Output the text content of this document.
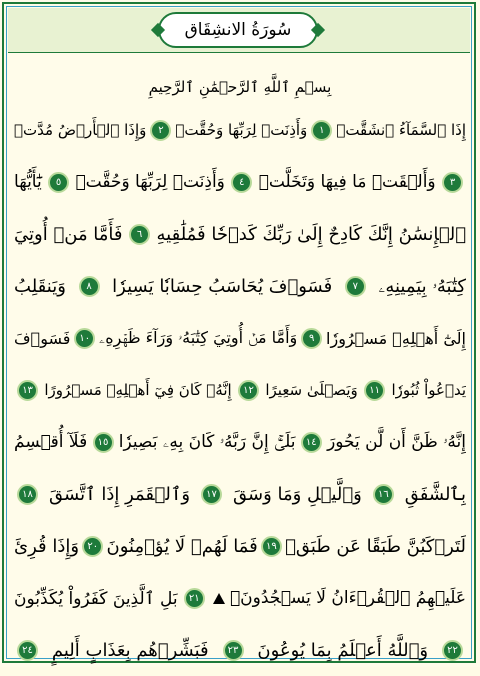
سُورَةُ الانشِقَاق
بِسۡمِ ٱللَّهِ ٱلرَّحۡمَٰنِ ٱلرَّحِيمِ
إِذَا ٱلسَّمَآءُ ٱنشَقَّتۡ
١
وَأَذِنَتۡ لِرَبِّهَا وَحُقَّتۡ
٢
وَإِذَا ٱلۡأَرۡضُ مُدَّتۡ
٣
وَأَلۡقَتۡ مَا فِيهَا وَتَخَلَّتۡ
٤
وَأَذِنَتۡ لِرَبِّهَا وَحُقَّتۡ
٥
يَٰٓأَيُّهَا
ٱلۡإِنسَٰنُ إِنَّكَ كَادِحٌ إِلَىٰ رَبِّكَ كَدۡحٗا فَمُلَٰقِيهِ
٦
فَأَمَّا مَنۡ أُوتِيَ
كِتَٰبَهُۥ بِيَمِينِهِۦ
٧
فَسَوۡفَ يُحَاسَبُ حِسَابٗا يَسِيرٗا
٨
وَيَنقَلِبُ
إِلَىٰٓ أَهۡلِهِۦ مَسۡرُورٗا
٩
وَأَمَّا مَنۡ أُوتِيَ كِتَٰبَهُۥ وَرَآءَ ظَهۡرِهِۦ
١٠
فَسَوۡفَ
يَدۡعُواْ ثُبُورٗا
١١
وَيَصۡلَىٰ سَعِيرًا
١٢
إِنَّهُۥ كَانَ فِيٓ أَهۡلِهِۦ مَسۡرُورًا
١٣
إِنَّهُۥ ظَنَّ أَن لَّن يَحُورَ
١٤
بَلَىٰٓۚ إِنَّ رَبَّهُۥ كَانَ بِهِۦ بَصِيرٗا
١٥
فَلَآ أُقۡسِمُ
بِٱلشَّفَقِ
١٦
وَٱلَّيۡلِ وَمَا وَسَقَ
١٧
وَٱلۡقَمَرِ إِذَا ٱتَّسَقَ
١٨
لَتَرۡكَبُنَّ طَبَقًا عَن طَبَقٖ
١٩
فَمَا لَهُمۡ لَا يُؤۡمِنُونَ
٢٠
وَإِذَا قُرِئَ
عَلَيۡهِمُ ٱلۡقُرۡءَانُ لَا يَسۡجُدُونَۤ
٢١
بَلِ ٱلَّذِينَ كَفَرُواْ يُكَذِّبُونَ
٢٢
وَٱللَّهُ أَعۡلَمُ بِمَا يُوعُونَ
٢٣
فَبَشِّرۡهُم بِعَذَابٍ أَلِيمٍ
٢٤
